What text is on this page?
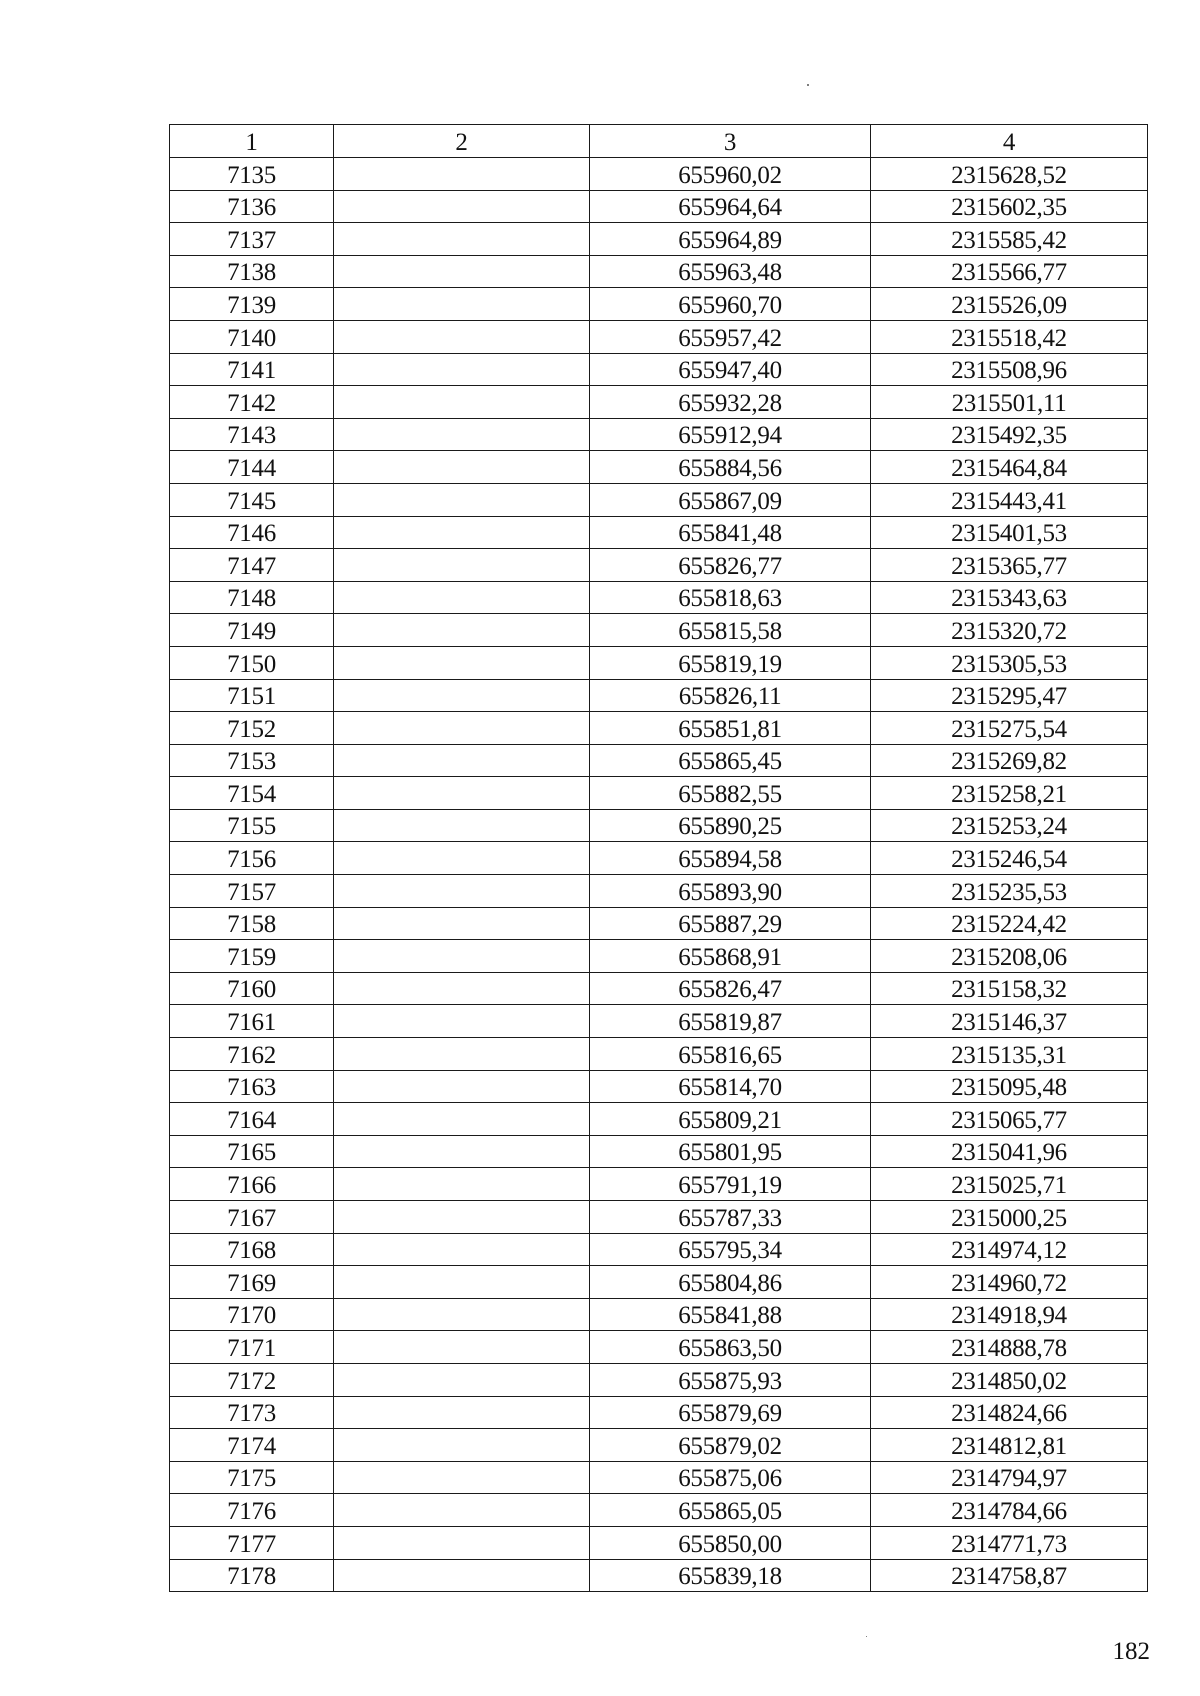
1	2	3	4
7135		655960,02	2315628,52
7136		655964,64	2315602,35
7137		655964,89	2315585,42
7138		655963,48	2315566,77
7139		655960,70	2315526,09
7140		655957,42	2315518,42
7141		655947,40	2315508,96
7142		655932,28	2315501,11
7143		655912,94	2315492,35
7144		655884,56	2315464,84
7145		655867,09	2315443,41
7146		655841,48	2315401,53
7147		655826,77	2315365,77
7148		655818,63	2315343,63
7149		655815,58	2315320,72
7150		655819,19	2315305,53
7151		655826,11	2315295,47
7152		655851,81	2315275,54
7153		655865,45	2315269,82
7154		655882,55	2315258,21
7155		655890,25	2315253,24
7156		655894,58	2315246,54
7157		655893,90	2315235,53
7158		655887,29	2315224,42
7159		655868,91	2315208,06
7160		655826,47	2315158,32
7161		655819,87	2315146,37
7162		655816,65	2315135,31
7163		655814,70	2315095,48
7164		655809,21	2315065,77
7165		655801,95	2315041,96
7166		655791,19	2315025,71
7167		655787,33	2315000,25
7168		655795,34	2314974,12
7169		655804,86	2314960,72
7170		655841,88	2314918,94
7171		655863,50	2314888,78
7172		655875,93	2314850,02
7173		655879,69	2314824,66
7174		655879,02	2314812,81
7175		655875,06	2314794,97
7176		655865,05	2314784,66
7177		655850,00	2314771,73
7178		655839,18	2314758,87
182
